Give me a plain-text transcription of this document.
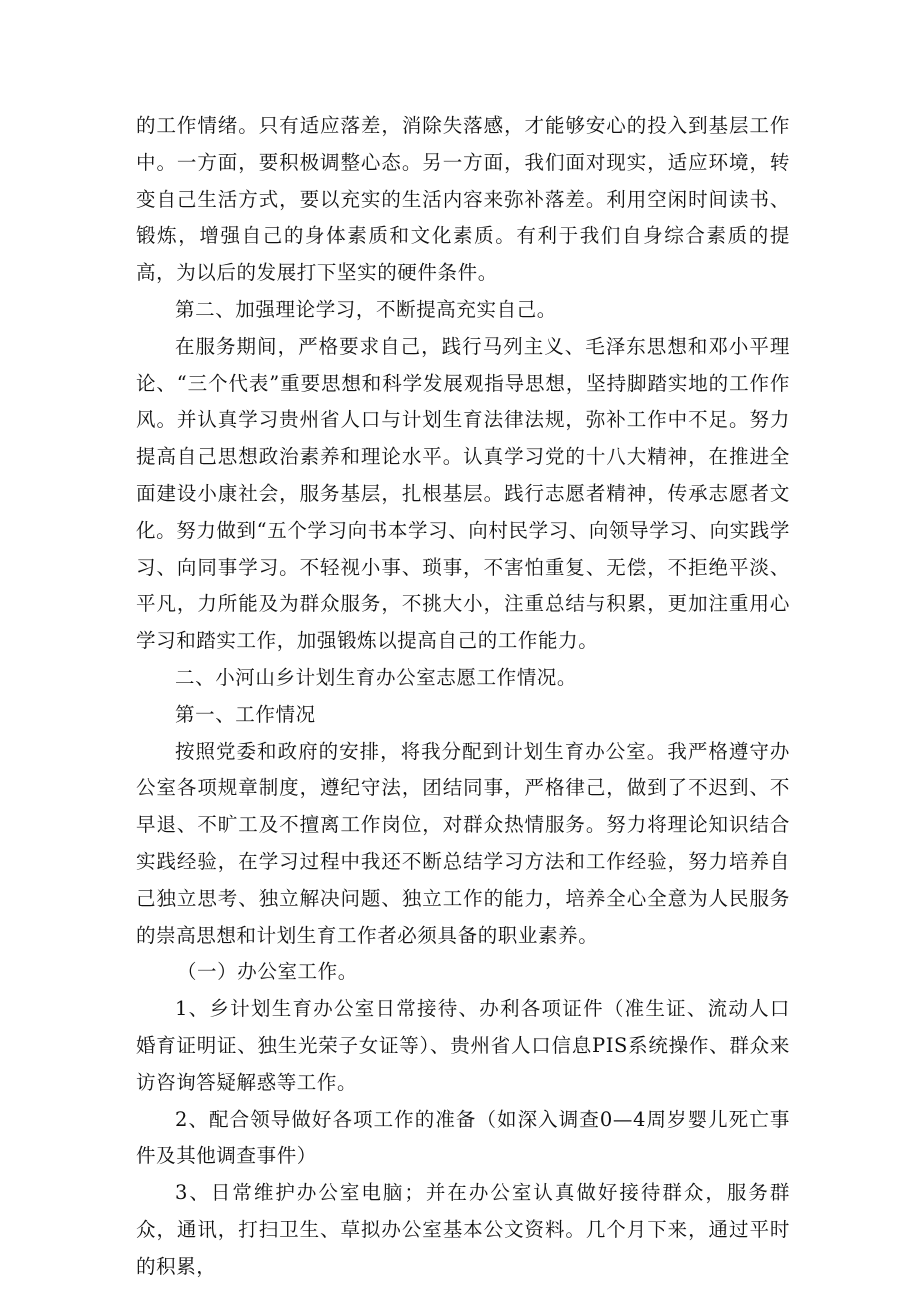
的工作情绪。只有适应落差，消除失落感，才能够安心的投入到基层工作中。一方面，要积极调整心态。另一方面，我们面对现实，适应环境，转变自己生活方式，要以充实的生活内容来弥补落差。利用空闲时间读书、锻炼，增强自己的身体素质和文化素质。有利于我们自身综合素质的提高，为以后的发展打下坚实的硬件条件。

第二、加强理论学习，不断提高充实自己。

在服务期间，严格要求自己，践行马列主义、毛泽东思想和邓小平理论、“三个代表”重要思想和科学发展观指导思想，坚持脚踏实地的工作作风。并认真学习贵州省人口与计划生育法律法规，弥补工作中不足。努力提高自己思想政治素养和理论水平。认真学习党的十八大精神，在推进全面建设小康社会，服务基层，扎根基层。践行志愿者精神，传承志愿者文化。努力做到“五个学习向书本学习、向村民学习、向领导学习、向实践学习、向同事学习。不轻视小事、琐事，不害怕重复、无偿，不拒绝平淡、平凡，力所能及为群众服务，不挑大小，注重总结与积累，更加注重用心学习和踏实工作，加强锻炼以提高自己的工作能力。

二、小河山乡计划生育办公室志愿工作情况。

第一、工作情况

按照党委和政府的安排，将我分配到计划生育办公室。我严格遵守办公室各项规章制度，遵纪守法，团结同事，严格律己，做到了不迟到、不早退、不旷工及不擅离工作岗位，对群众热情服务。努力将理论知识结合实践经验，在学习过程中我还不断总结学习方法和工作经验，努力培养自己独立思考、独立解决问题、独立工作的能力，培养全心全意为人民服务的崇高思想和计划生育工作者必须具备的职业素养。

（一）办公室工作。

1、乡计划生育办公室日常接待、办利各项证件（准生证、流动人口婚育证明证、独生光荣子女证等）、贵州省人口信息PIS系统操作、群众来访咨询答疑解惑等工作。

2、配合领导做好各项工作的准备（如深入调查0—4周岁婴儿死亡事件及其他调查事件）

3、日常维护办公室电脑；并在办公室认真做好接待群众，服务群众，通讯，打扫卫生、草拟办公室基本公文资料。几个月下来，通过平时的积累，
